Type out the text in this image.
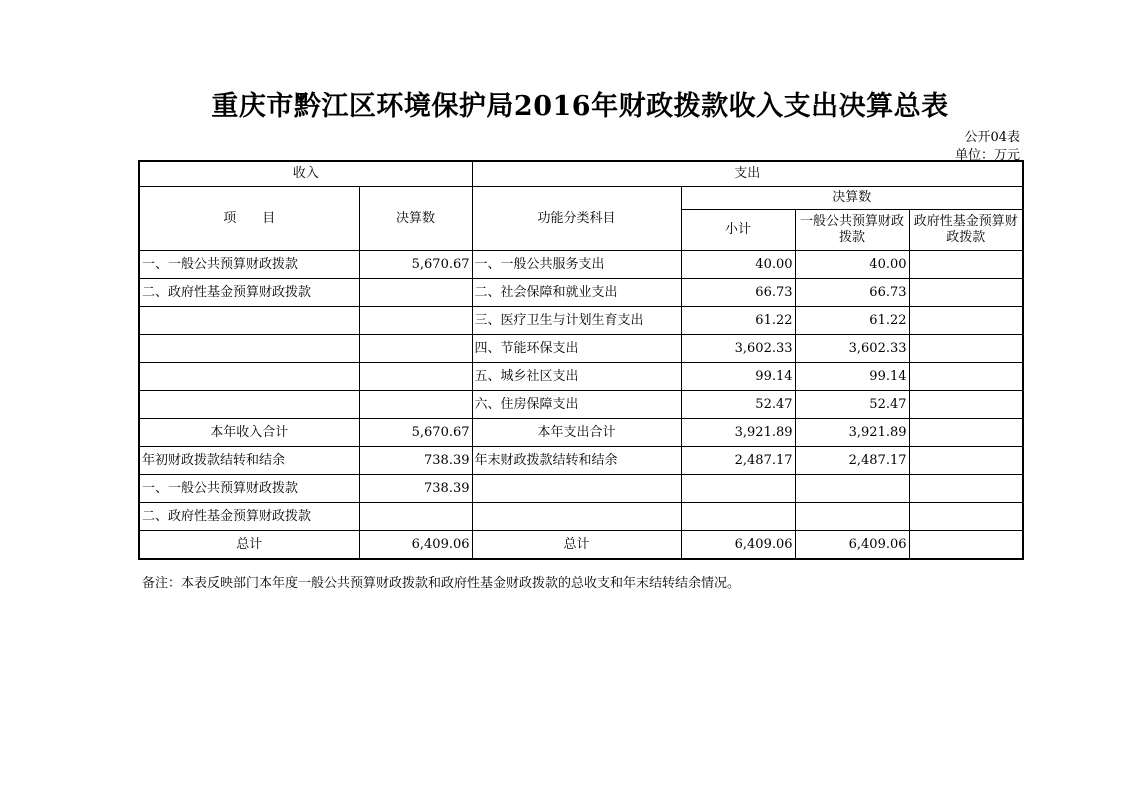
重庆市黔江区环境保护局2016年财政拨款收入支出决算总表
公开04表
单位：万元
收入		支出			
项　　目	决算数	功能分类科目	决算数		
			小计	一般公共预算财政拨款	政府性基金预算财政拨款
一、一般公共预算财政拨款	5,670.67	一、一般公共服务支出	40.00	40.00	
二、政府性基金预算财政拨款		二、社会保障和就业支出	66.73	66.73	
		三、医疗卫生与计划生育支出	61.22	61.22	
		四、节能环保支出	3,602.33	3,602.33	
		五、城乡社区支出	99.14	99.14	
		六、住房保障支出	52.47	52.47	
本年收入合计	5,670.67	本年支出合计	3,921.89	3,921.89	
年初财政拨款结转和结余	738.39	年末财政拨款结转和结余	2,487.17	2,487.17	
一、一般公共预算财政拨款	738.39				
二、政府性基金预算财政拨款					
总计	6,409.06	总计	6,409.06	6,409.06	
备注：本表反映部门本年度一般公共预算财政拨款和政府性基金财政拨款的总收支和年末结转结余情况。
